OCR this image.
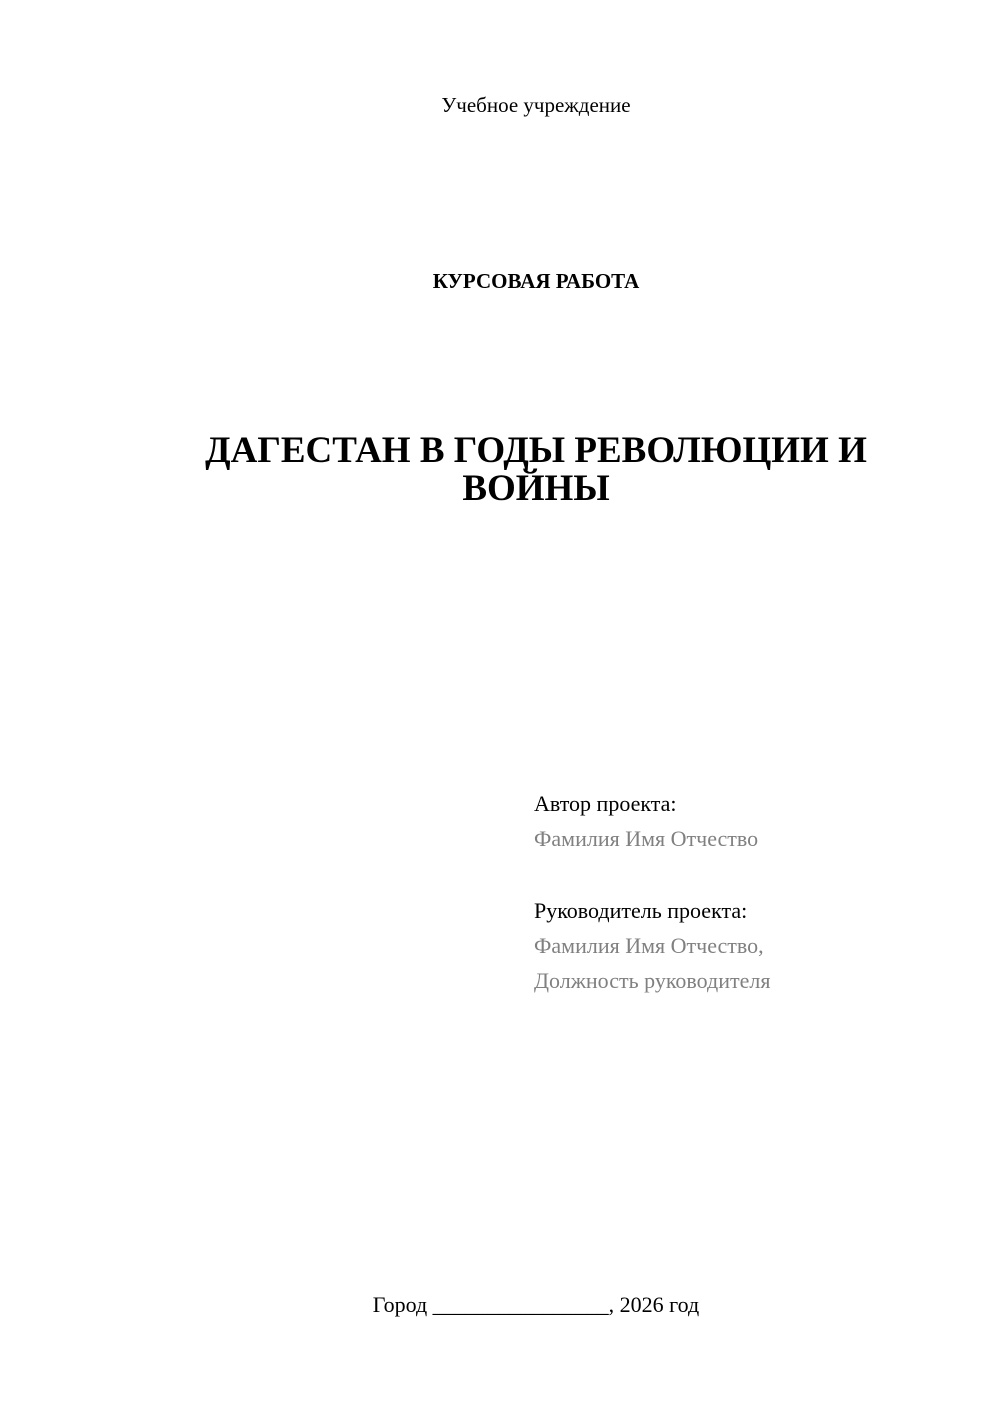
Учебное учреждение
КУРСОВАЯ РАБОТА
ДАГЕСТАН В ГОДЫ РЕВОЛЮЦИИ И ВОЙНЫ
Автор проекта:
Фамилия Имя Отчество
Руководитель проекта:
Фамилия Имя Отчество,
Должность руководителя
Город ________________, 2026 год
